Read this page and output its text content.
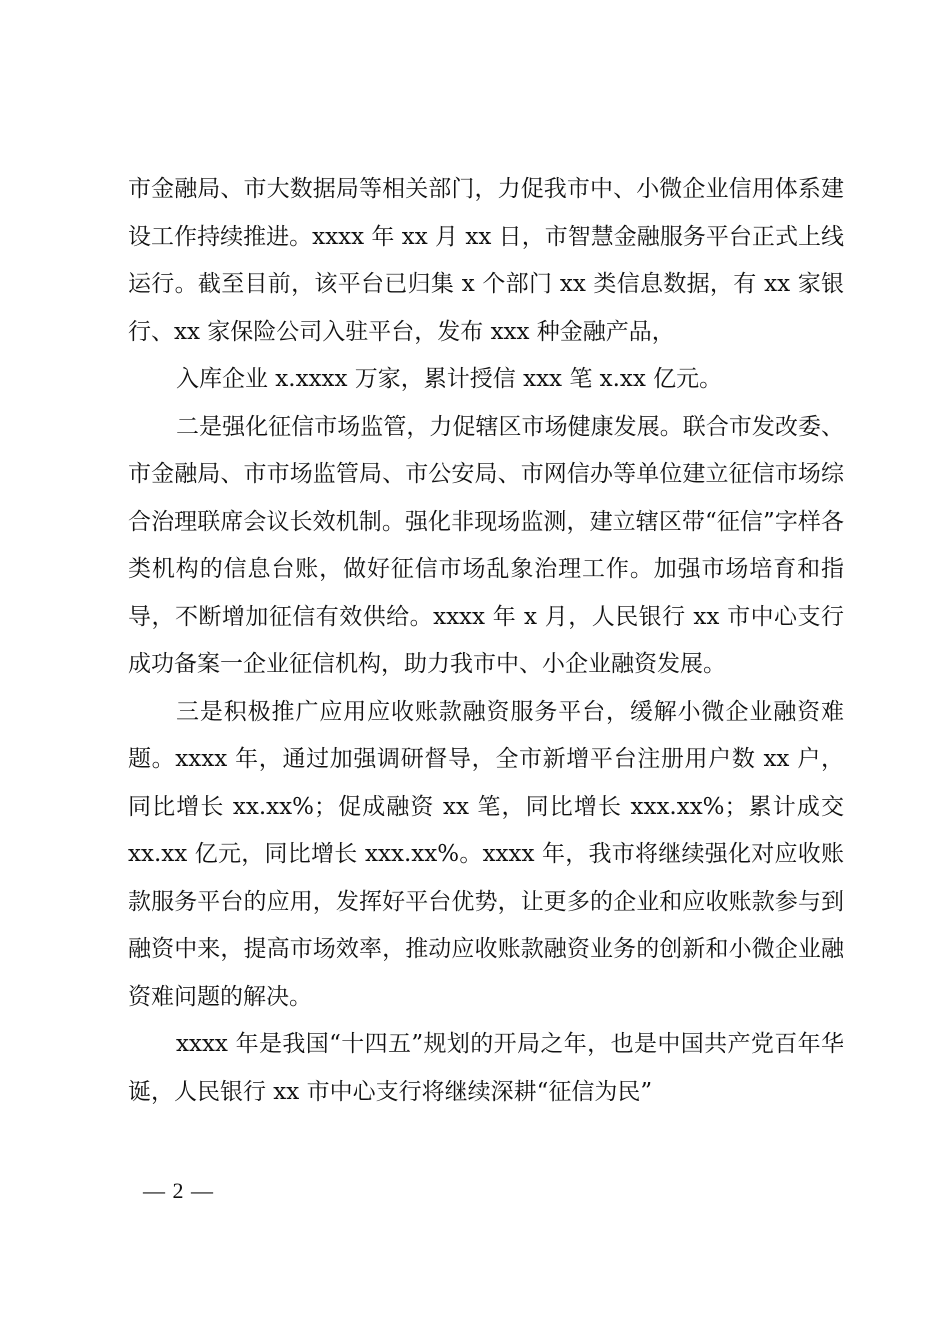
市金融局、市大数据局等相关部门，力促我市中、小微企业信用体系建设工作持续推进。xxxx 年 xx 月 xx 日，市智慧金融服务平台正式上线运行。截至目前，该平台已归集 x 个部门 xx 类信息数据，有 xx 家银行、xx 家保险公司入驻平台，发布 xxx 种金融产品，

入库企业 x.xxxx 万家，累计授信 xxx 笔 x.xx 亿元。

二是强化征信市场监管，力促辖区市场健康发展。联合市发改委、市金融局、市市场监管局、市公安局、市网信办等单位建立征信市场综合治理联席会议长效机制。强化非现场监测，建立辖区带“征信”字样各类机构的信息台账，做好征信市场乱象治理工作。加强市场培育和指导，不断增加征信有效供给。xxxx 年 x 月，人民银行 xx 市中心支行成功备案一企业征信机构，助力我市中、小企业融资发展。

三是积极推广应用应收账款融资服务平台，缓解小微企业融资难题。xxxx 年，通过加强调研督导，全市新增平台注册用户数 xx 户，同比增长 xx.xx%；促成融资 xx 笔，同比增长 xxx.xx%；累计成交 xx.xx 亿元，同比增长 xxx.xx%。xxxx 年，我市将继续强化对应收账款服务平台的应用，发挥好平台优势，让更多的企业和应收账款参与到融资中来，提高市场效率，推动应收账款融资业务的创新和小微企业融资难问题的解决。

xxxx 年是我国“十四五”规划的开局之年，也是中国共产党百年华诞，人民银行 xx 市中心支行将继续深耕“征信为民”

— 2 —
